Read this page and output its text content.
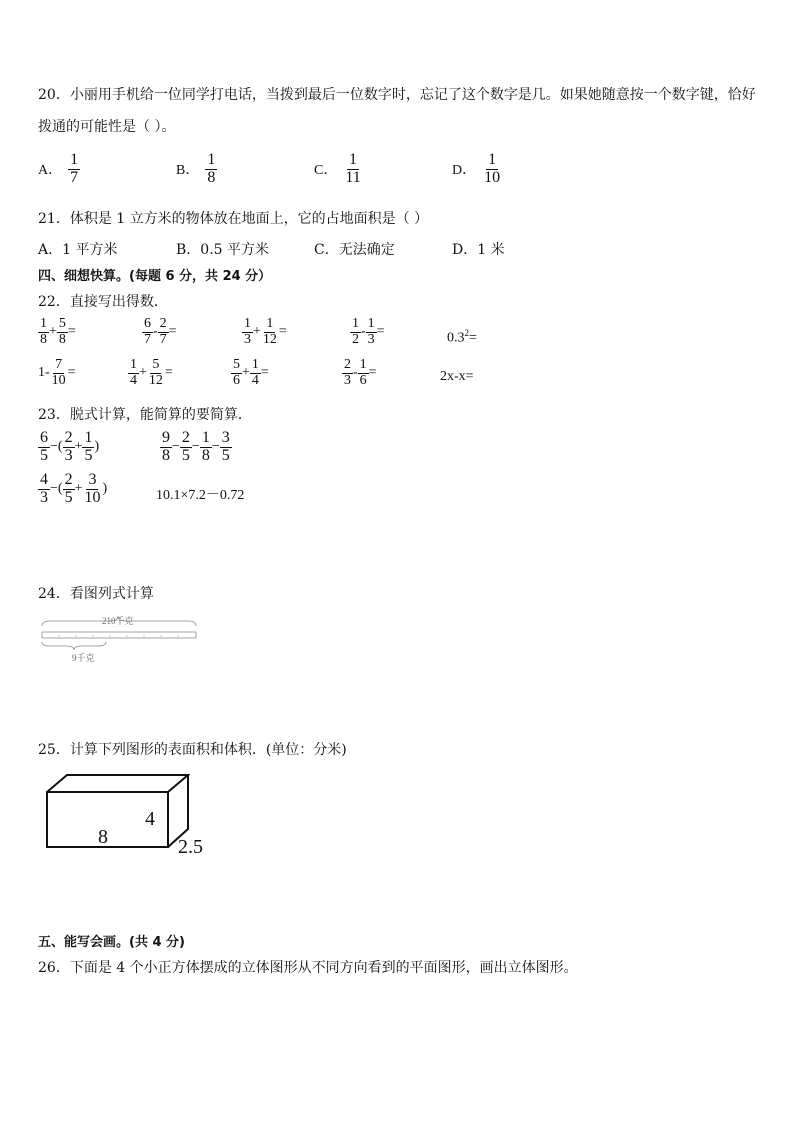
20．小丽用手机给一位同学打电话，当拨到最后一位数字时，忘记了这个数字是几。如果她随意按一个数字键，恰好
拨通的可能性是（ ）。
A． $\frac{1}{7}$	B． $\frac{1}{8}$	C． $\frac{1}{11}$	D． $\frac{1}{10}$
21．体积是 1 立方米的物体放在地面上，它的占地面积是（ ）
A．1 平方米	B．0.5 平方米	C．无法确定	D．1 米
四、细想快算。(每题 6 分，共 24 分）
22．直接写出得数．
$\frac{1}{8} + \frac{5}{8}$ =	$\frac{6}{7} - \frac{2}{7}$ =	$\frac{1}{3} + \frac{1}{12}$ =	$\frac{1}{2} - \frac{1}{3}$ =	$0.3^2=$
$1- \frac{7}{10}$ =	$\frac{1}{4} + \frac{5}{12}$ =	$\frac{5}{6} + \frac{1}{4}$ =	$\frac{2}{3} - \frac{1}{6}$ =	2x-x=
23．脱式计算，能简算的要简算．
$\frac{6}{5}$ − ( $\frac{2}{3} + \frac{1}{5}$ )	$\frac{9}{8} - \frac{2}{5} - \frac{1}{8} - \frac{3}{5}$
$\frac{4}{3}$ − ( $\frac{2}{5} + \frac{3}{10}$ )	10.1×7.2－0.72
24．看图列式计算
210千克
9千克
25．计算下列图形的表面积和体积．(单位：分米)
8
4
2.5
五、能写会画。(共 4 分)
26．下面是 4 个小正方体摆成的立体图形从不同方向看到的平面图形，画出立体图形。
